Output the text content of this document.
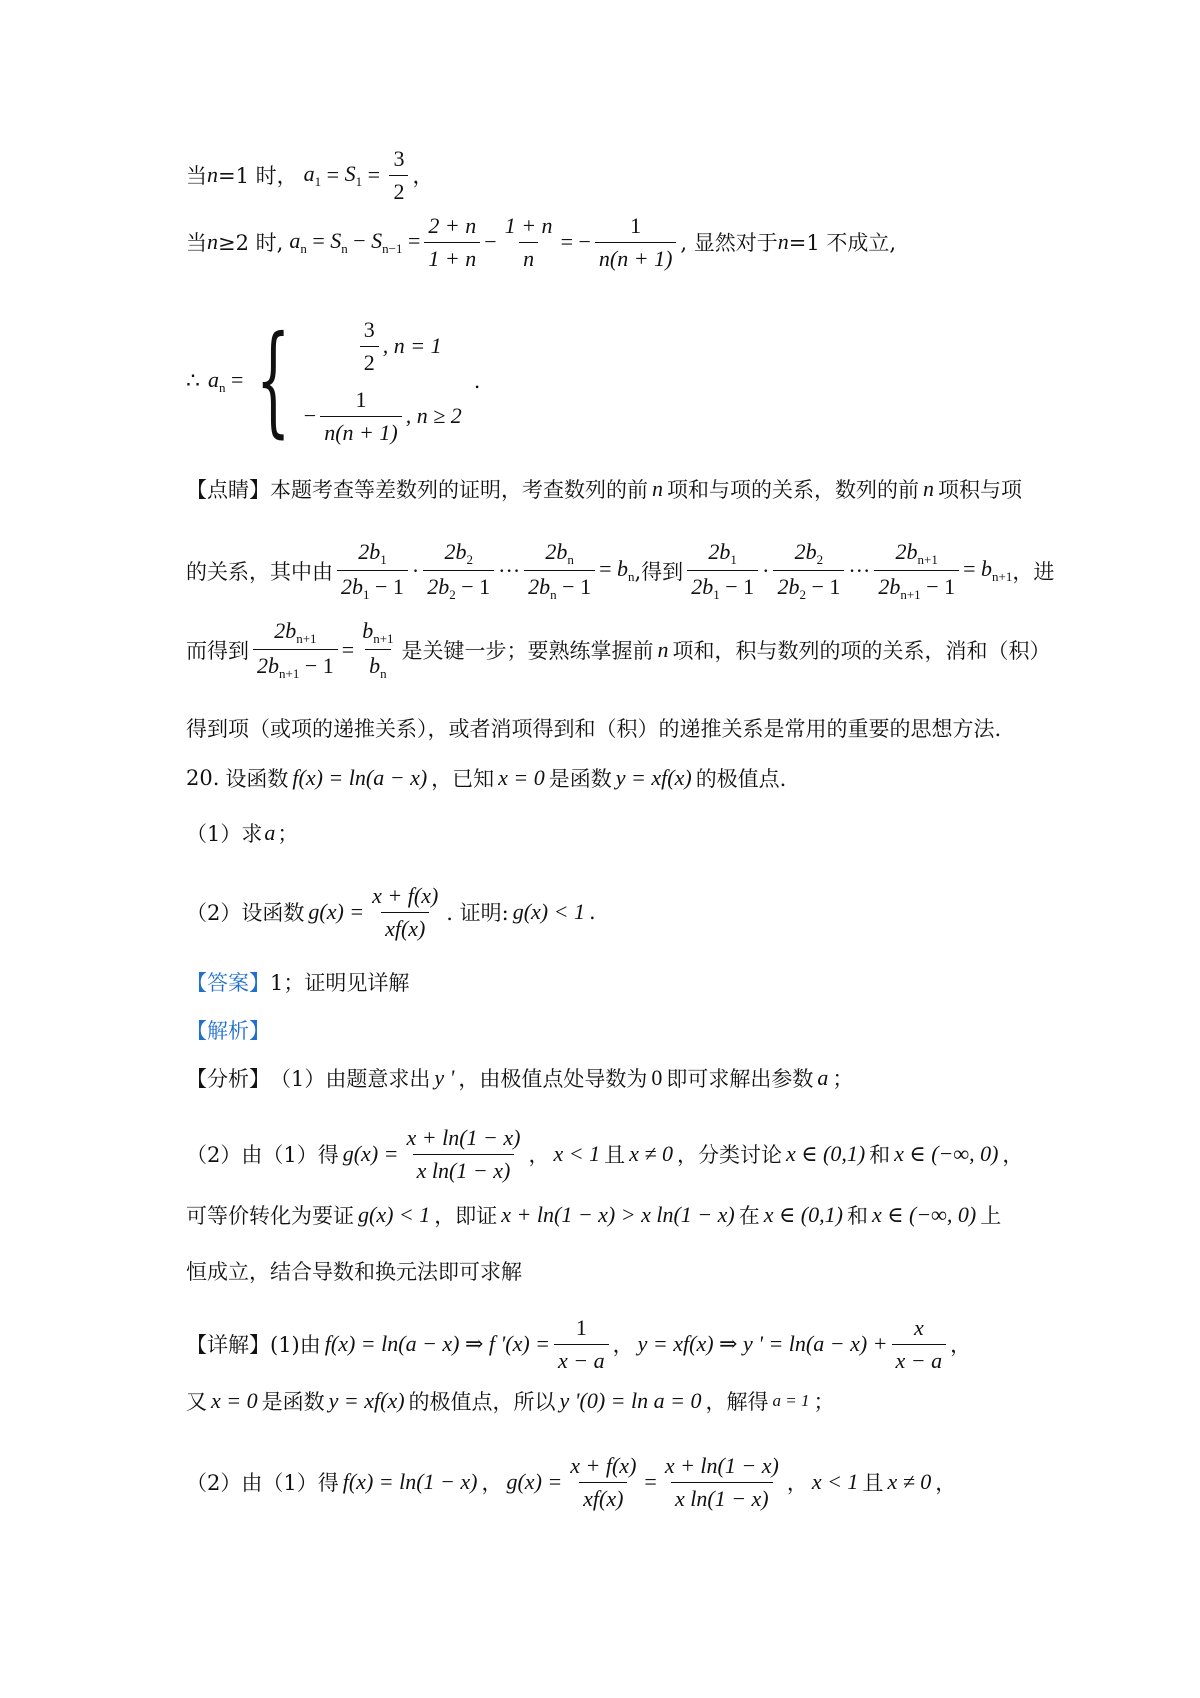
当 n =1 时， $a_1 = S_1 = \frac{3}{2}$ ，
当 n ≥2 时, $a_n = S_n - S_{n-1} = \frac{2 + n}{1 + n} - \frac{1 + n}{n}$ = − $\frac{1}{n(n + 1)}$ , 显然对于 n =1 不成立,
∴ $a_n$ = {	$\frac{3}{2}$ , n = 1
− $\frac{1}{n(n + 1)}$ , n ≥ 2
.
【点睛】 本题考查等差数列的证明，考查数列的前 n 项和与项的关系，数列的前 n 项积与项
的关系，其中由 $\frac{2b_1}{2b_1 - 1} \cdot \frac{2b_2}{2b_2 - 1}$ ··· $\frac{2b_n}{2b_n - 1} = b_n$ ,得到 $\frac{2b_1}{2b_1 - 1} \cdot \frac{2b_2}{2b_2 - 1}$ ··· $\frac{2b_{n+1}}{2b_{n+1} - 1} = b_{n+1}$ ，进
而得到 $\frac{2b_{n+1}}{2b_{n+1} - 1} = \frac{b_{n+1}}{b_n}$ 是关键一步；要熟练掌握前 n 项和，积与数列的项的关系，消和（积）
得到项（或项的递推关系），或者消项得到和（积）的递推关系是常用的重要的思想方法.
20. 设函数 f(x) = ln(a − x) ，已知 x = 0 是函数 y = xf(x) 的极值点.
（1）求 a ；
（2）设函数 $g(x) = \frac{x + f(x)}{xf(x)}$ . 证明: g(x) < 1 .
【答案】 1；证明见详解
【解析】
【分析】 （1）由题意求出 y ' ，由极值点处导数为 0 即可求解出参数 a ；
（2）由（1）得 $g(x) = \frac{x + \ln(1 - x)}{\text{x ln(1 − x)}}$ ， x < 1 且 x ≠ 0 ，分类讨论 x ∈ (0,1) 和 x ∈ (−∞, 0) ，
可等价转化为要证 g(x) < 1 ，即证 x + ln(1 − x) > x ln(1 − x) 在 x ∈ (0,1) 和 x ∈ (−∞, 0) 上
恒成立，结合导数和换元法即可求解
【详解】 (1)由 f(x) = ln(a − x) ⇒ f '$(x) = \frac{1}{x - a}$ ， y = xf(x) ⇒ y ' = $\ln(a - x) + \frac{x}{x - a}$ ，
又 x = 0 是函数 y = xf(x) 的极值点，所以 y '(0) = ln a = 0 ，解得 a = 1 ；
（2）由（1）得 f(x) = ln(1 − x) ， $g(x) = \frac{x + f(x)}{xf(x)} = \frac{x + \ln(1 - x)}{\text{x ln(1 − x)}}$ ， x < 1 且 x ≠ 0 ，
